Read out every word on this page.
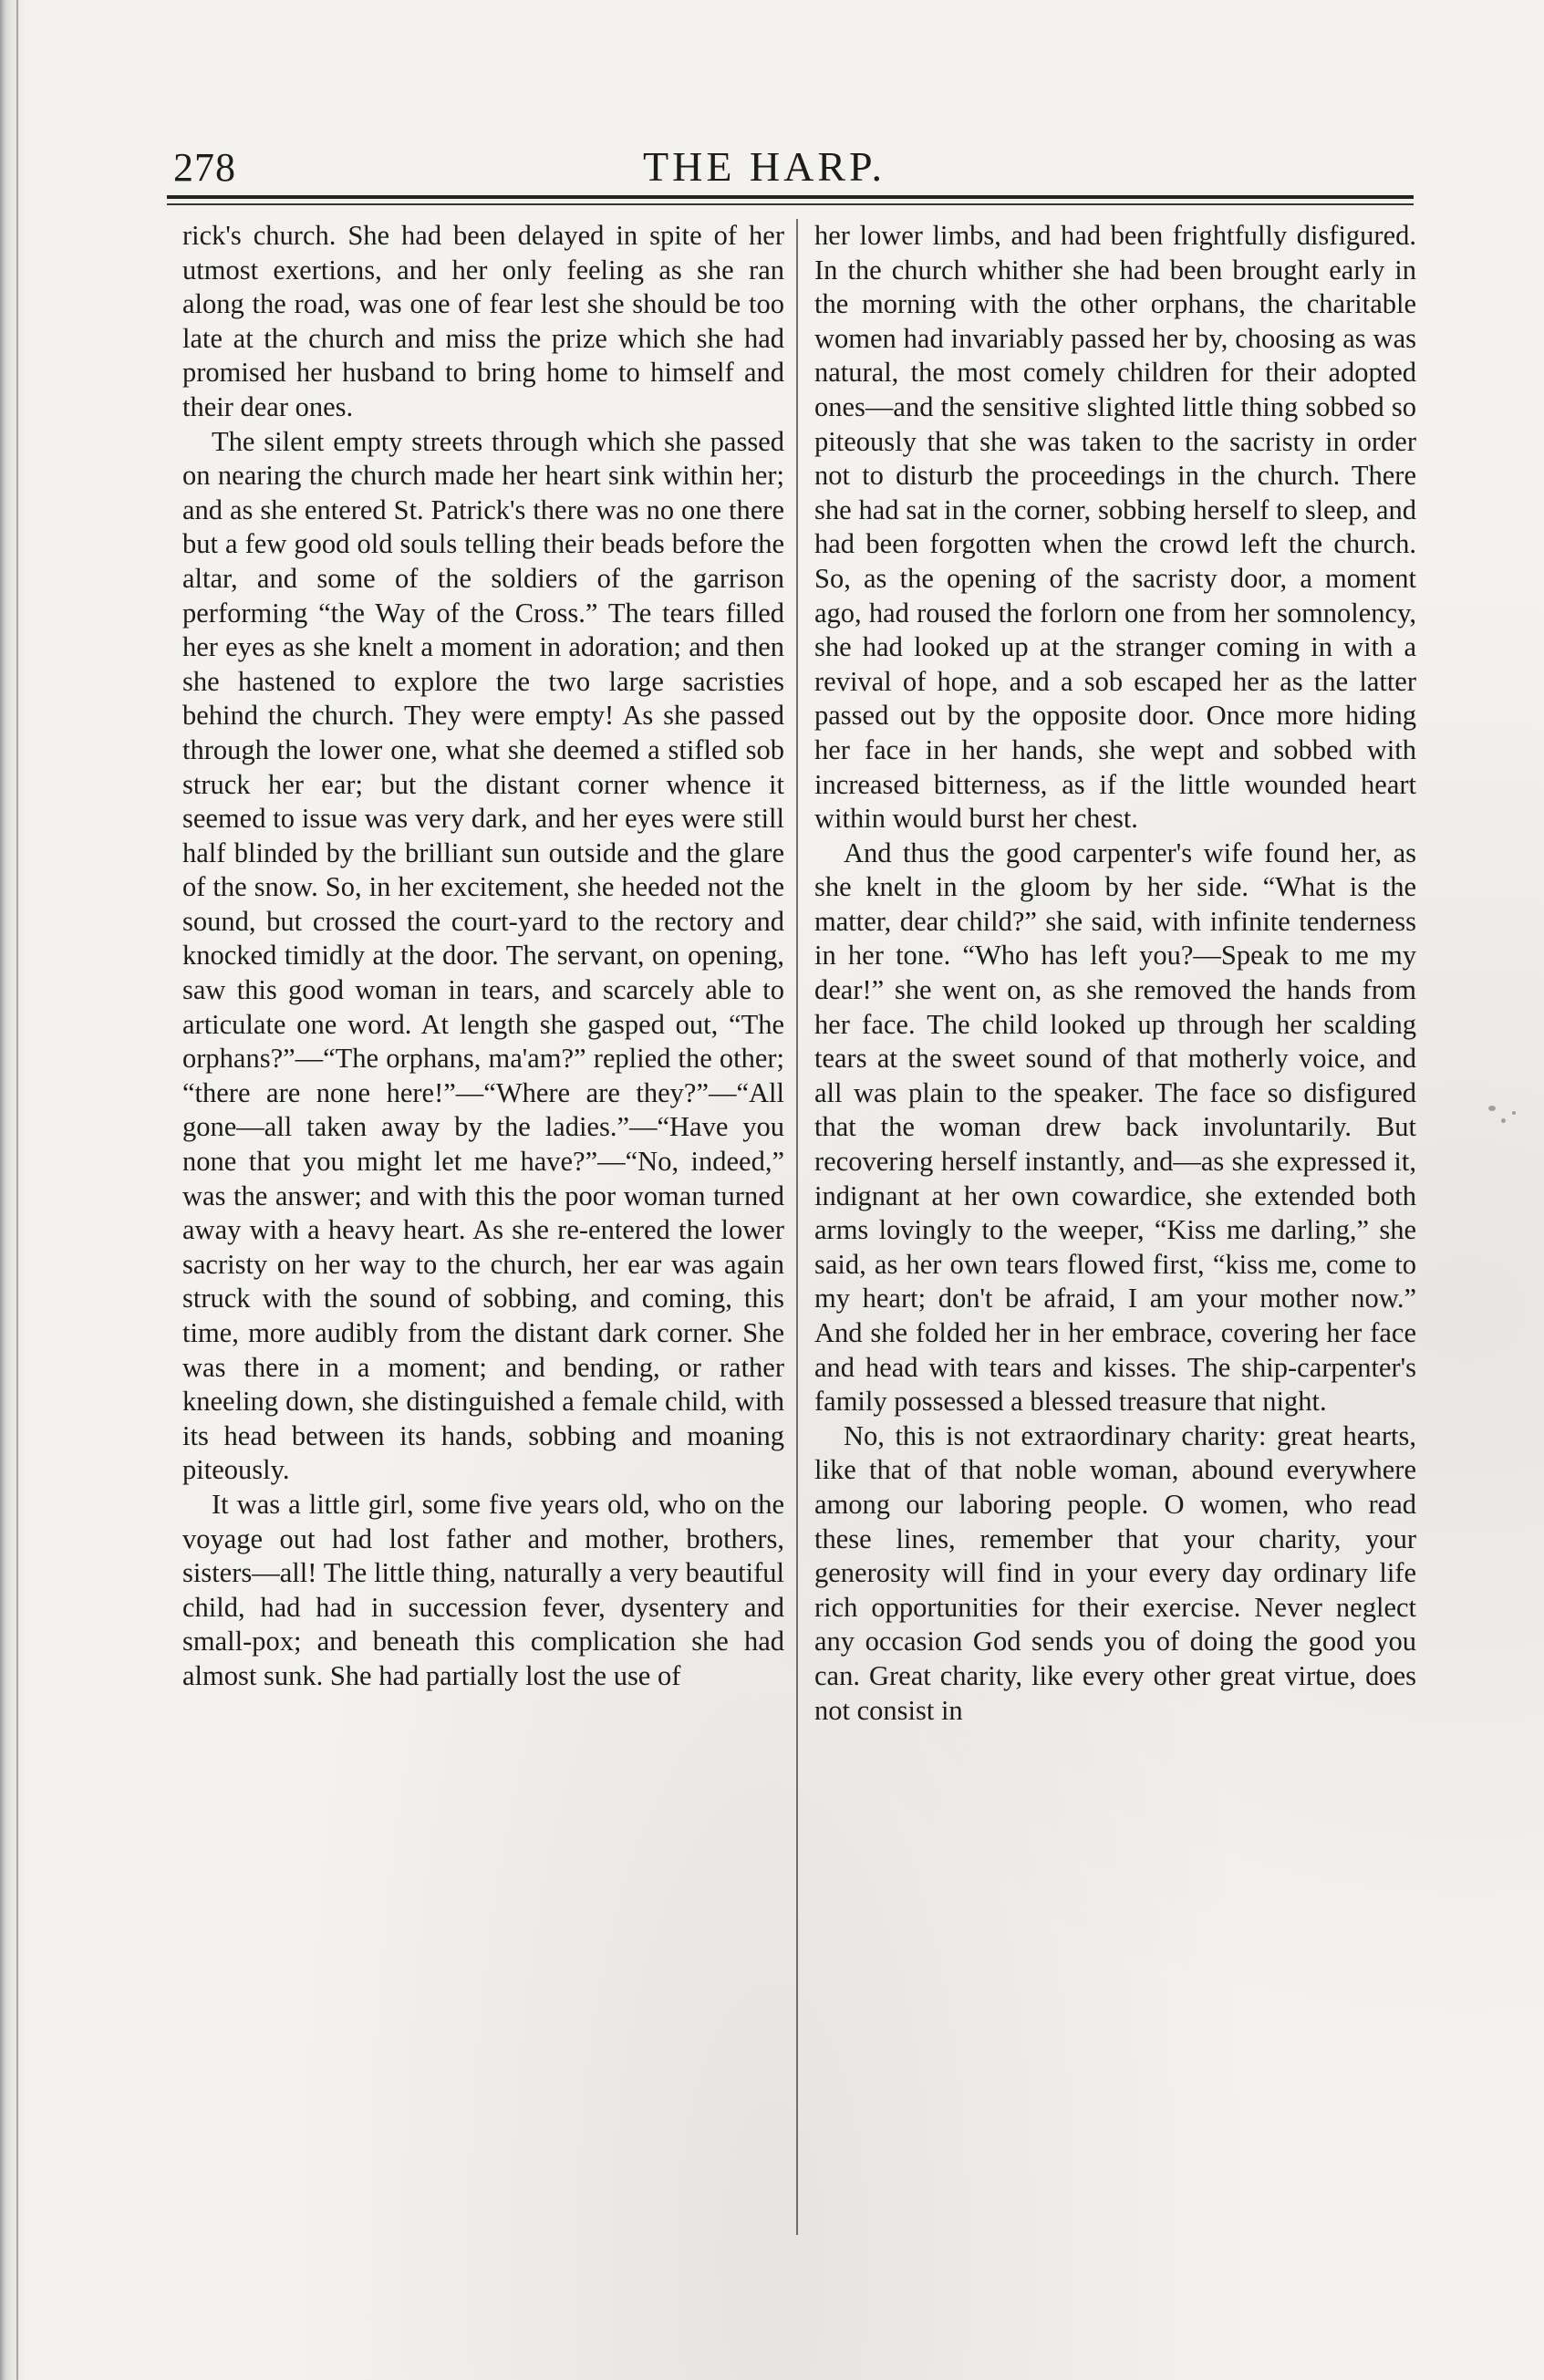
278	THE HARP.

rick's church. She had been delayed in spite of her utmost exertions, and her only feeling as she ran along the road, was one of fear lest she should be too late at the church and miss the prize which she had promised her husband to bring home to himself and their dear ones.

The silent empty streets through which she passed on nearing the church made her heart sink within her; and as she entered St. Patrick's there was no one there but a few good old souls telling their beads before the altar, and some of the soldiers of the garrison performing “the Way of the Cross.” The tears filled her eyes as she knelt a moment in adoration; and then she hastened to explore the two large sacristies behind the church. They were empty! As she passed through the lower one, what she deemed a stifled sob struck her ear; but the distant corner whence it seemed to issue was very dark, and her eyes were still half blinded by the brilliant sun outside and the glare of the snow. So, in her excitement, she heeded not the sound, but crossed the court-yard to the rectory and knocked timidly at the door. The servant, on opening, saw this good woman in tears, and scarcely able to articulate one word. At length she gasped out, “The orphans?”—“The orphans, ma'am?” replied the other; “there are none here!”—“Where are they?”—“All gone—all taken away by the ladies.”—“Have you none that you might let me have?”—“No, indeed,” was the answer; and with this the poor woman turned away with a heavy heart. As she re-entered the lower sacristy on her way to the church, her ear was again struck with the sound of sobbing, and coming, this time, more audibly from the distant dark corner. She was there in a moment; and bending, or rather kneeling down, she distinguished a female child, with its head between its hands, sobbing and moaning piteously.

It was a little girl, some five years old, who on the voyage out had lost father and mother, brothers, sisters—all! The little thing, naturally a very beautiful child, had had in succession fever, dysentery and small-pox; and beneath this complication she had almost sunk. She had partially lost the use of

her lower limbs, and had been frightfully disfigured. In the church whither she had been brought early in the morning with the other orphans, the charitable women had invariably passed her by, choosing as was natural, the most comely children for their adopted ones—and the sensitive slighted little thing sobbed so piteously that she was taken to the sacristy in order not to disturb the proceedings in the church. There she had sat in the corner, sobbing herself to sleep, and had been forgotten when the crowd left the church. So, as the opening of the sacristy door, a moment ago, had roused the forlorn one from her somnolency, she had looked up at the stranger coming in with a revival of hope, and a sob escaped her as the latter passed out by the opposite door. Once more hiding her face in her hands, she wept and sobbed with increased bitterness, as if the little wounded heart within would burst her chest.

And thus the good carpenter's wife found her, as she knelt in the gloom by her side. “What is the matter, dear child?” she said, with infinite tenderness in her tone. “Who has left you?—Speak to me my dear!” she went on, as she removed the hands from her face. The child looked up through her scalding tears at the sweet sound of that motherly voice, and all was plain to the speaker. The face so disfigured that the woman drew back involuntarily. But recovering herself instantly, and—as she expressed it, indignant at her own cowardice, she extended both arms lovingly to the weeper, “Kiss me darling,” she said, as her own tears flowed first, “kiss me, come to my heart; don't be afraid, I am your mother now.” And she folded her in her embrace, covering her face and head with tears and kisses. The ship-carpenter's family possessed a blessed treasure that night.

No, this is not extraordinary charity: great hearts, like that of that noble woman, abound everywhere among our laboring people. O women, who read these lines, remember that your charity, your generosity will find in your every day ordinary life rich opportunities for their exercise. Never neglect any occasion God sends you of doing the good you can. Great charity, like every other great virtue, does not consist in
